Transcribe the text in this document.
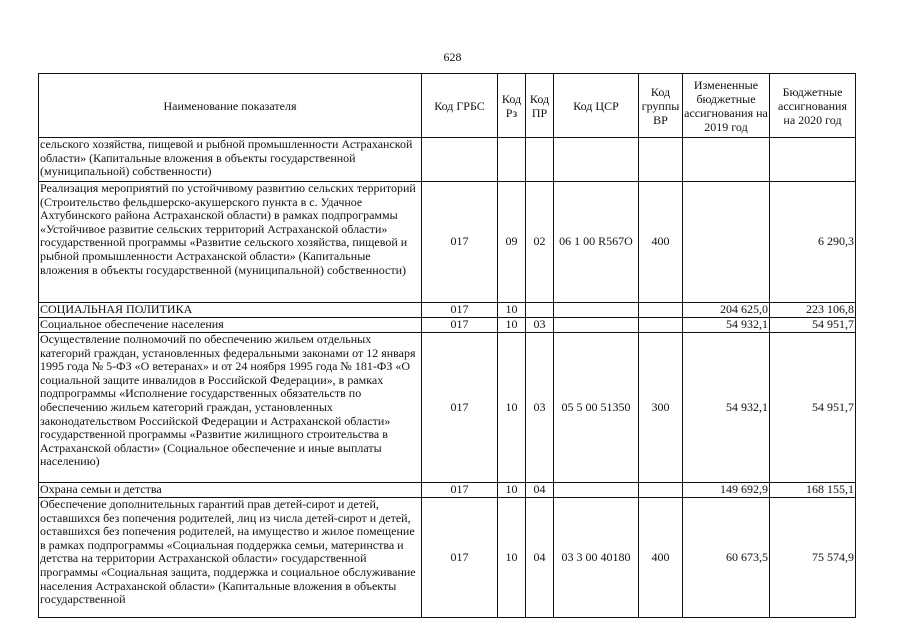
628
Наименование показателя	Код ГРБС	Код Рз	Код ПР	Код ЦСР	Код группы ВР	Измененные бюджетные ассигнования на 2019 год	Бюджетные ассигнования на 2020 год
сельского хозяйства, пищевой и рыбной промышленности Астраханской области» (Капитальные вложения в объекты государственной (муниципальной) собственности)							
Реализация мероприятий по устойчивому развитию сельских территорий (Строительство фельдшерско-акушерского пункта в с. Удачное Ахтубинского района Астраханской области) в рамках подпрограммы «Устойчивое развитие сельских территорий Астраханской области» государственной программы «Развитие сельского хозяйства, пищевой и рыбной промышленности Астраханской области» (Капитальные вложения в объекты государственной (муниципальной) собственности)	017	09	02	06 1 00 R567O	400		6 290,3
СОЦИАЛЬНАЯ ПОЛИТИКА	017	10				204 625,0	223 106,8
Социальное обеспечение населения	017	10	03			54 932,1	54 951,7
Осуществление полномочий по обеспечению жильем отдельных категорий граждан, установленных федеральными законами от 12 января 1995 года № 5-ФЗ «О ветеранах» и от 24 ноября 1995 года № 181-ФЗ «О социальной защите инвалидов в Российской Федерации», в рамках подпрограммы «Исполнение государственных обязательств по обеспечению жильем категорий граждан, установленных законодательством Российской Федерации и Астраханской области» государственной программы «Развитие жилищного строительства в Астраханской области» (Социальное обеспечение и иные выплаты населению)	017	10	03	05 5 00 51350	300	54 932,1	54 951,7
Охрана семьи и детства	017	10	04			149 692,9	168 155,1
Обеспечение дополнительных гарантий прав детей-сирот и детей, оставшихся без попечения родителей, лиц из числа детей-сирот и детей, оставшихся без попечения родителей, на имущество и жилое помещение в рамках подпрограммы «Социальная поддержка семьи, материнства и детства на территории Астраханской области» государственной программы «Социальная защита, поддержка и социальное обслуживание населения Астраханской области» (Капитальные вложения в объекты государственной	017	10	04	03 3 00 40180	400	60 673,5	75 574,9
